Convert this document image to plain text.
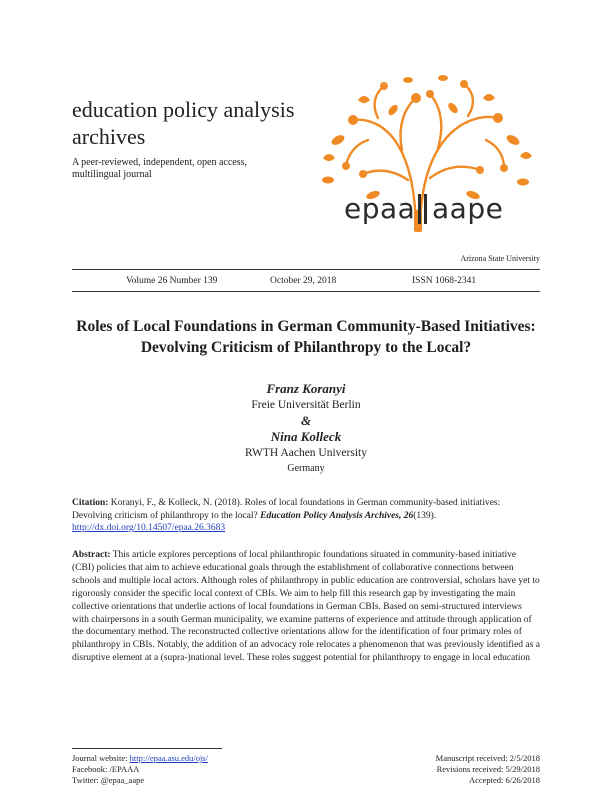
education policy analysis archives
A peer-reviewed, independent, open access, multilingual journal
epaa aape
Arizona State University
Volume 26 Number 139	October 29, 2018	ISSN 1068-2341
Roles of Local Foundations in German Community-Based Initiatives: Devolving Criticism of Philanthropy to the Local?
Franz Koranyi
Freie Universität Berlin
&
Nina Kolleck
RWTH Aachen University
Germany
Citation: Koranyi, F., & Kolleck, N. (2018). Roles of local foundations in German community-based initiatives: Devolving criticism of philanthropy to the local? Education Policy Analysis Archives, 26(139). http://dx.doi.org/10.14507/epaa.26.3683
Abstract: This article explores perceptions of local philanthropic foundations situated in community-based initiative (CBI) policies that aim to achieve educational goals through the establishment of collaborative connections between schools and multiple local actors. Although roles of philanthropy in public education are controversial, scholars have yet to rigorously consider the specific local context of CBIs. We aim to help fill this research gap by investigating the main collective orientations that underlie actions of local foundations in German CBIs. Based on semi-structured interviews with chairpersons in a south German municipality, we examine patterns of experience and attitude through application of the documentary method. The reconstructed collective orientations allow for the identification of four primary roles of philanthropy in CBIs. Notably, the addition of an advocacy role relocates a phenomenon that was previously identified as a disruptive element at a (supra-)national level. These roles suggest potential for philanthropy to engage in local education
Journal website: http://epaa.asu.edu/ojs/
Facebook: /EPAAA
Twitter: @epaa_aape
Manuscript received: 2/5/2018
Revisions received: 5/29/2018
Accepted: 6/26/2018
